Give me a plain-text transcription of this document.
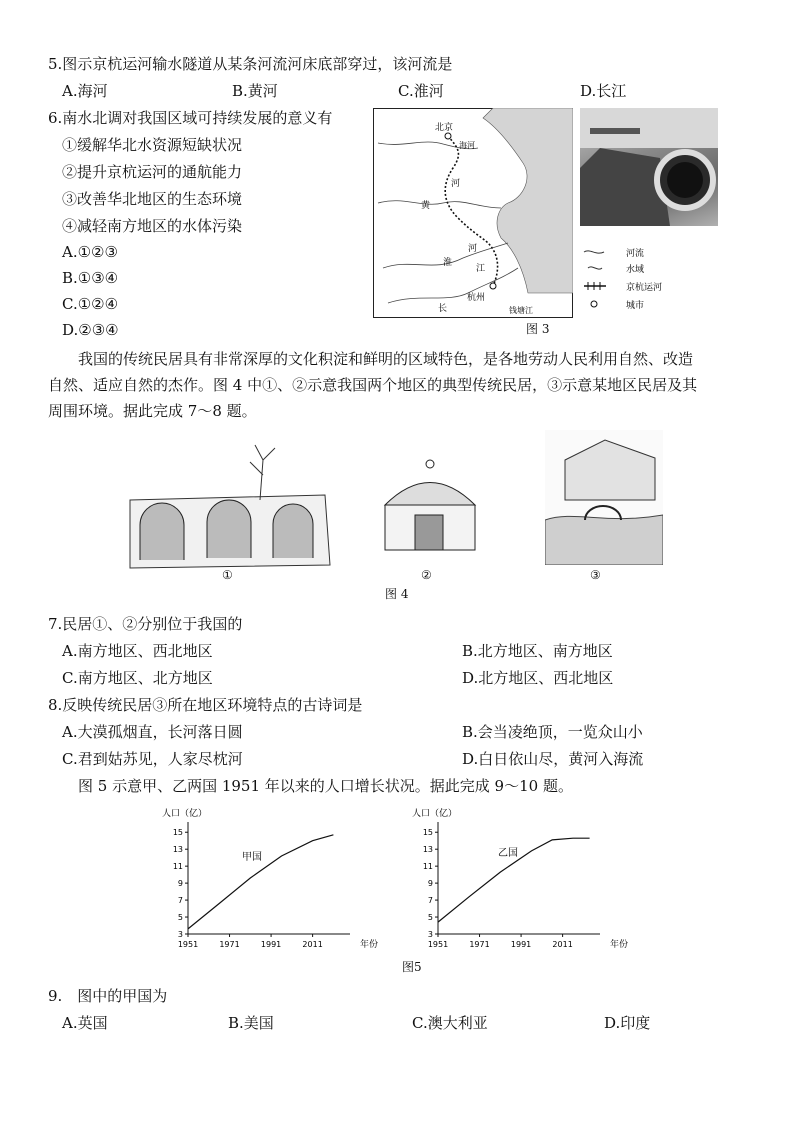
5.图示京杭运河输水隧道从某条河流河床底部穿过，该河流是
A.海河	B.黄河	C.淮河	D.长江
6.南水北调对我国区域可持续发展的意义有
①缓解华北水资源短缺状况
②提升京杭运河的通航能力
③改善华北地区的生态环境
④减轻南方地区的水体污染
A.①②③
B.①③④
C.①②④
D.②③④
北京
海河
黄
河
河
淮
江
杭州
长	钱塘江
河流
水域
京杭运河
城市
图 3
我国的传统民居具有非常深厚的文化积淀和鲜明的区域特色，是各地劳动人民利用自然、改造
自然、适应自然的杰作。图 4 中①、②示意我国两个地区的典型传统民居，③示意某地区民居及其
周围环境。据此完成 7～8 题。
①	②	③
图 4
7.民居①、②分别位于我国的
A.南方地区、西北地区	B.北方地区、南方地区
C.南方地区、北方地区	D.北方地区、西北地区
8.反映传统民居③所在地区环境特点的古诗词是
A.大漠孤烟直，长河落日圆	B.会当凌绝顶，一览众山小
C.君到姑苏见，人家尽枕河	D.白日依山尽，黄河入海流
图 5 示意甲、乙两国 1951 年以来的人口增长状况。据此完成 9～10 题。
人口（亿）
3
5
7
9
11
13
15
1951	1971	1991	2011	年份
甲国
人口（亿）
3
5
7
9
11
13
15
1951	1971	1991	2011	年份
乙国
图5
9.　图中的甲国为
A.英国	B.美国	C.澳大利亚	D.印度
